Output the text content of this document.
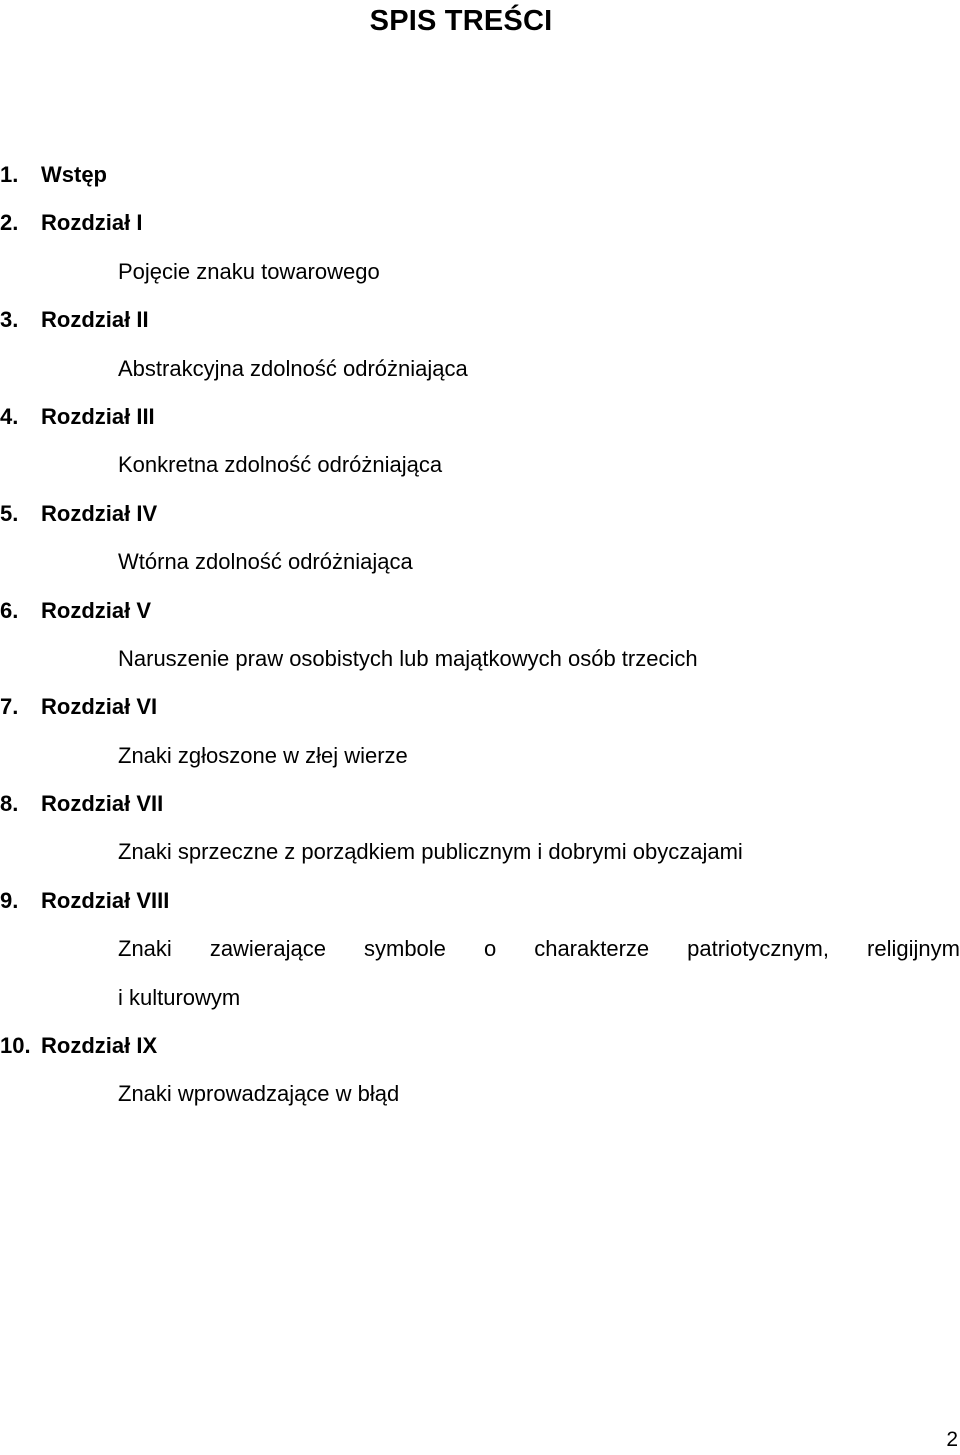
SPIS TREŚCI
1. Wstęp
2. Rozdział I
Pojęcie znaku towarowego
3. Rozdział II
Abstrakcyjna zdolność odróżniająca
4. Rozdział III
Konkretna zdolność odróżniająca
5. Rozdział IV
Wtórna zdolność odróżniająca
6. Rozdział V
Naruszenie praw osobistych lub majątkowych osób trzecich
7. Rozdział VI
Znaki zgłoszone w złej wierze
8. Rozdział VII
Znaki sprzeczne z porządkiem publicznym i dobrymi obyczajami
9. Rozdział VIII
Znaki zawierające symbole o charakterze patriotycznym, religijnym
i kulturowym
10. Rozdział IX
Znaki wprowadzające w błąd
2
